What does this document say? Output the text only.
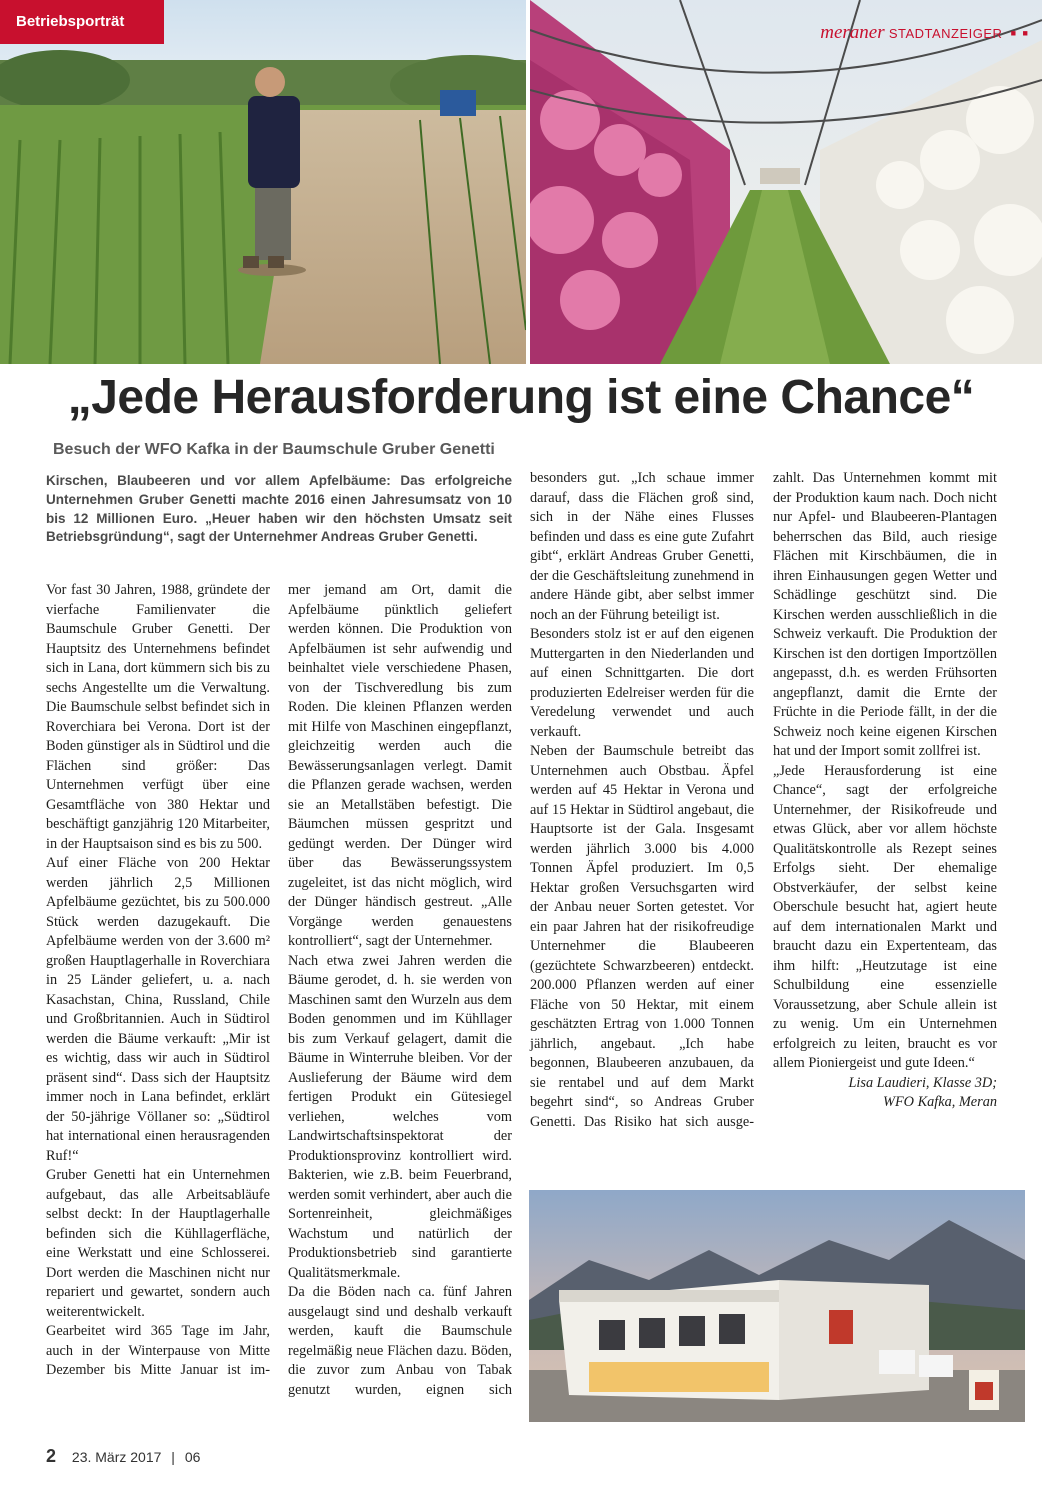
Betriebsporträt
meraner STADTANZEIGER ■ ■
„Jede Herausforderung ist eine Chance“
Besuch der WFO Kafka in der Baumschule Gruber Genetti

Kirschen, Blaubeeren und vor allem Apfelbäume: Das erfolgreiche Unternehmen Gruber Genetti machte 2016 einen Jahresumsatz von 10 bis 12 Millionen Euro. „Heuer haben wir den höchsten Umsatz seit Betriebsgründung“, sagt der Unternehmer Andreas Gruber Genetti.

Vor fast 30 Jahren, 1988, gründete der vierfache Familienvater die Baumschule Gruber Genetti. Der Hauptsitz des Unternehmens befindet sich in Lana, dort kümmern sich bis zu sechs Angestellte um die Verwaltung. Die Baumschule selbst befindet sich in Roverchiara bei Verona. Dort ist der Boden günstiger als in Südtirol und die Flächen sind größer: Das Unternehmen verfügt über eine Gesamtfläche von 380 Hektar und beschäftigt ganzjährig 120 Mitarbeiter, in der Hauptsaison sind es bis zu 500.

Auf einer Fläche von 200 Hektar werden jährlich 2,5 Millionen Apfelbäume gezüchtet, bis zu 500.000 Stück werden dazugekauft. Die Apfelbäume werden von der 3.600 m² großen Hauptlagerhalle in Roverchiara in 25 Länder geliefert, u. a. nach Kasachstan, China, Russland, Chile und Großbritannien. Auch in Südtirol werden die Bäume verkauft: „Mir ist es wichtig, dass wir auch in Südtirol präsent sind“. Dass sich der Hauptsitz immer noch in Lana befindet, erklärt der 50-jährige Völlaner so: „Südtirol hat international einen herausragenden Ruf!“

Gruber Genetti hat ein Unternehmen aufgebaut, das alle Arbeitsabläufe selbst deckt: In der Hauptlagerhalle befinden sich die Kühllagerfläche, eine Werkstatt und eine Schlosserei. Dort werden die Maschinen nicht nur repariert und gewartet, sondern auch weiterentwickelt.

Gearbeitet wird 365 Tage im Jahr, auch in der Winterpause von Mitte Dezember bis Mitte Januar ist im-

mer jemand am Ort, damit die Apfelbäume pünktlich geliefert werden können. Die Produktion von Apfelbäumen ist sehr aufwendig und beinhaltet viele verschiedene Phasen, von der Tischveredlung bis zum Roden. Die kleinen Pflanzen werden mit Hilfe von Maschinen eingepflanzt, gleichzeitig werden auch die Bewässerungsanlagen verlegt. Damit die Pflanzen gerade wachsen, werden sie an Metallstäben befestigt. Die Bäumchen müssen gespritzt und gedüngt werden. Der Dünger wird über das Bewässerungssystem zugeleitet, ist das nicht möglich, wird der Dünger händisch gestreut. „Alle Vorgänge werden genauestens kontrolliert“, sagt der Unternehmer.

Nach etwa zwei Jahren werden die Bäume gerodet, d. h. sie werden von Maschinen samt den Wurzeln aus dem Boden genommen und im Kühllager bis zum Verkauf gelagert, damit die Bäume in Winterruhe bleiben. Vor der Auslieferung der Bäume wird dem fertigen Produkt ein Gütesiegel verliehen, welches vom Landwirtschaftsinspektorat der Produktionsprovinz kontrolliert wird. Bakterien, wie z.B. beim Feuerbrand, werden somit verhindert, aber auch die Sortenreinheit, gleichmäßiges Wachstum und natürlich der Produktionsbetrieb sind garantierte Qualitätsmerkmale.

Da die Böden nach ca. fünf Jahren ausgelaugt sind und deshalb verkauft werden, kauft die Baumschule regelmäßig neue Flächen dazu. Böden, die zuvor zum Anbau von Tabak genutzt wurden, eignen sich

besonders gut. „Ich schaue immer darauf, dass die Flächen groß sind, sich in der Nähe eines Flusses befinden und dass es eine gute Zufahrt gibt“, erklärt Andreas Gruber Genetti, der die Geschäftsleitung zunehmend in andere Hände gibt, aber selbst immer noch an der Führung beteiligt ist.

Besonders stolz ist er auf den eigenen Muttergarten in den Niederlanden und auf einen Schnittgarten. Die dort produzierten Edelreiser werden für die Veredelung verwendet und auch verkauft.

Neben der Baumschule betreibt das Unternehmen auch Obstbau. Äpfel werden auf 45 Hektar in Verona und auf 15 Hektar in Südtirol angebaut, die Hauptsorte ist der Gala. Insgesamt werden jährlich 3.000 bis 4.000 Tonnen Äpfel produziert. Im 0,5 Hektar großen Versuchsgarten wird der Anbau neuer Sorten getestet. Vor ein paar Jahren hat der risikofreudige Unternehmer die Blaubeeren (gezüchtete Schwarzbeeren) entdeckt. 200.000 Pflanzen werden auf einer Fläche von 50 Hektar, mit einem geschätzten Ertrag von 1.000 Tonnen jährlich, angebaut. „Ich habe begonnen, Blaubeeren anzubauen, da sie rentabel und auf dem Markt begehrt sind“, so Andreas Gruber Genetti. Das Risiko hat sich ausge-

zahlt. Das Unternehmen kommt mit der Produktion kaum nach. Doch nicht nur Apfel- und Blaubeeren-Plantagen beherrschen das Bild, auch riesige Flächen mit Kirschbäumen, die in ihren Einhausungen gegen Wetter und Schädlinge geschützt sind. Die Kirschen werden ausschließlich in die Schweiz verkauft. Die Produktion der Kirschen ist den dortigen Importzöllen angepasst, d.h. es werden Frühsorten angepflanzt, damit die Ernte der Früchte in die Periode fällt, in der die Schweiz noch keine eigenen Kirschen hat und der Import somit zollfrei ist.

„Jede Herausforderung ist eine Chance“, sagt der erfolgreiche Unternehmer, der Risikofreude und etwas Glück, aber vor allem höchste Qualitätskontrolle als Rezept seines Erfolgs sieht. Der ehemalige Obstverkäufer, der selbst keine Oberschule besucht hat, agiert heute auf dem internationalen Markt und braucht dazu ein Expertenteam, das ihm hilft: „Heutzutage ist eine Schulbildung eine essenzielle Voraussetzung, aber Schule allein ist zu wenig. Um ein Unternehmen erfolgreich zu leiten, braucht es vor allem Pioniergeist und gute Ideen.“

Lisa Laudieri, Klasse 3D;

WFO Kafka, Meran

2 23. März 2017 | 06
